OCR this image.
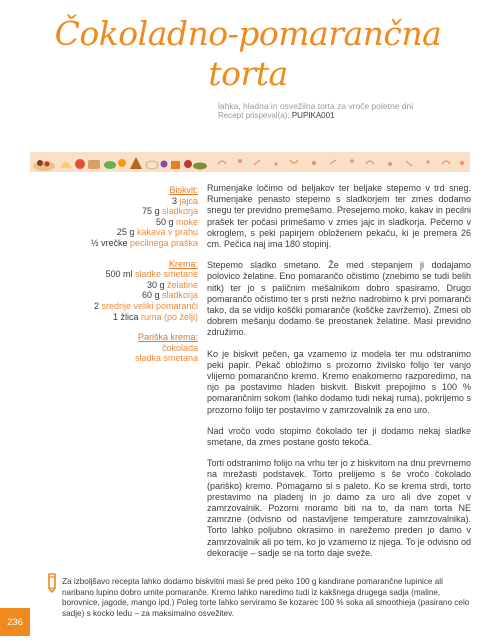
Čokoladno-pomarančna torta
lahka, hladna in osvežilna torta za vroče poletne dni
Recept prispeval(a): PUPIKA001
Biskvit:
3 jajca
75 g sladkorja
50 g moke
25 g kakava v prahu
½ vrečke pecilnega praška
Krema:
500 ml sladke smetane
30 g želatine
60 g sladkorja
2 srednje veliki pomaranči
1 žlica ruma (po želji)
Pariška krema:
čokolada
sladka smetana

Rumenjake ločimo od beljakov ter beljake stepemo v trd sneg. Rumenjake penasto stepemo s sladkorjem ter zmes dodamo snegu ter previdno premešamo. Presejemo moko, kakav in pecilni prašek ter počasi primešamo v zmes jajc in sladkorja. Pečemo v okroglem, s peki papirjem obloženem pekaču, ki je premera 26 cm. Pečica naj ima 180 stopinj.

Stepemo sladko smetano. Že med stepanjem ji dodajamo polovico želatine. Eno pomarančo očistimo (znebimo se tudi belih nitk) ter jo s paličnim mešalnikom dobro spasiramo. Drugo pomarančo očistimo ter s prsti nežno nadrobimo k prvi pomaranči tako, da se vidijo koščki pomaranče (koščke zavržemo). Zmesi ob dobrem mešanju dodamo še preostanek želatine. Masi previdno združimo.

Ko je biskvit pečen, ga vzamemo iz modela ter mu odstranimo peki papir. Pekač obložimo s prozorno živilsko folijo ter vanjo vlijemo pomarančno kremo. Kremo enakomerno razporedimo, na njo pa postavimo hladen biskvit. Biskvit prepojimo s 100 % pomarančnim sokom (lahko dodamo tudi nekaj ruma), pokrijemo s prozorno folijo ter postavimo v zamrzovalnik za eno uro.

Nad vročo vodo stopimo čokolado ter ji dodamo nekaj sladke smetane, da zmes postane gosto tekoča.

Torti odstranimo folijo na vrhu ter jo z biskvitom na dnu prevrnemo na mrežasti podstavek. Torto prelijemo s še vročo čokolado (pariško) kremo. Pomagamo si s paleto. Ko se krema strdi, torto prestavimo na pladenj in jo damo za uro ali dve zopet v zamrzovalnik. Pozorni moramo biti na to, da nam torta NE zamrzne (odvisno od nastavljene temperature zamrzovalnika). Torto lahko poljubno okrasimo in narežemo preden jo damo v zamrzovalnik ali po tem, ko jo vzamemo iz njega. To je odvisno od dekoracije – sadje se na torto daje sveže.

Za izboljšavo recepta lahko dodamo biskvitni masi še pred peko 100 g kandirane pomarančne lupinice ali naribano lupino dobro umite pomaranče. Kremo lahko naredimo tudi iz kakšnega drugega sadja (maline, borovnice, jagode, mango ipd.) Poleg torte lahko serviramo še kozarec 100 % soka ali smoothieja (pasirano celo sadje) s kocko ledu – za maksimalno osvežitev.
236
